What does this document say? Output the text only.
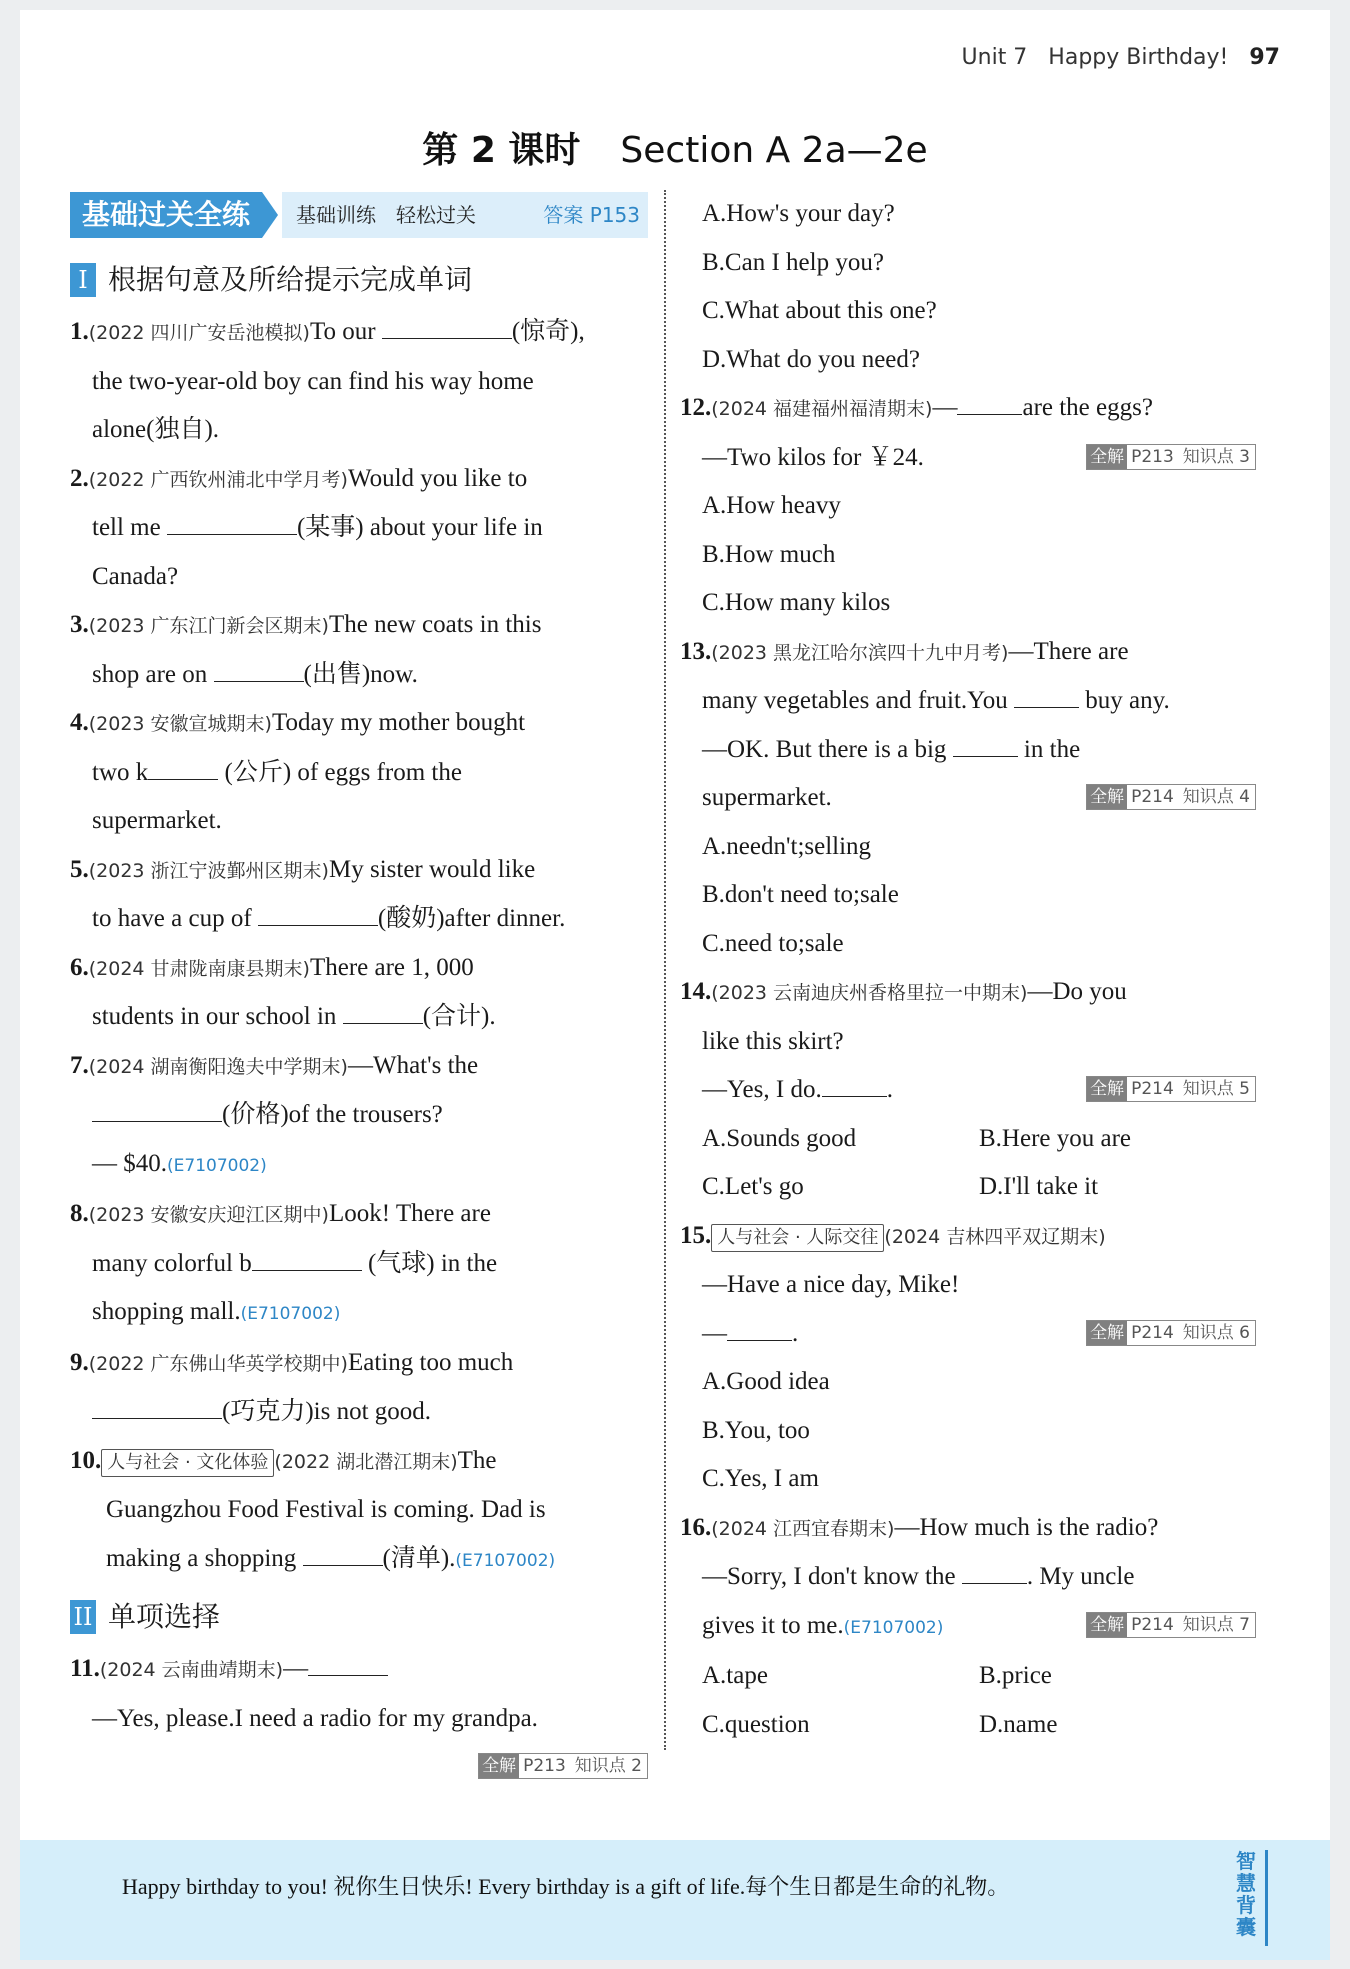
Unit 7 Happy Birthday! 97
第 2 课时 Section A 2a—2e
基础过关全练	基础训练　轻松过关	答案 P153
I 根据句意及所给提示完成单词
1.(2022 四川广安岳池模拟)To our	(惊奇),
the two-year-old boy can find his way home
alone(独自).
2.(2022 广西钦州浦北中学月考)Would you like to
tell me	(某事) about your life in
Canada?
3.(2023 广东江门新会区期末)The new coats in this
shop are on	(出售)now.
4.(2023 安徽宣城期末)Today my mother bought
two k	(公斤) of eggs from the
supermarket.
5.(2023 浙江宁波鄞州区期末)My sister would like
to have a cup of	(酸奶)after dinner.
6.(2024 甘肃陇南康县期末)There are 1, 000
students in our school in	(合计).
7.(2024 湖南衡阳逸夫中学期末)—What's the
(价格)of the trousers?
— $40.(E7107002)
8.(2023 安徽安庆迎江区期中)Look! There are
many colorful b	(气球) in the
shopping mall.(E7107002)
9.(2022 广东佛山华英学校期中)Eating too much
(巧克力)is not good.
10. 人与社会 · 文化体验 (2022 湖北潜江期末)The
Guangzhou Food Festival is coming. Dad is
making a shopping	(清单).(E7107002)
II 单项选择
11.(2024 云南曲靖期末)—
—Yes, please.I need a radio for my grandpa.
全解 P213 知识点 2
A.How's your day?
B.Can I help you?
C.What about this one?
D.What do you need?
12.(2024 福建福州福清期末)—	are the eggs?
—Two kilos for ￥24.	全解 P213 知识点 3
A.How heavy
B.How much
C.How many kilos
13.(2023 黑龙江哈尔滨四十九中月考)—There are
many vegetables and fruit.You	buy any.
—OK. But there is a big	in the
supermarket.	全解 P214 知识点 4
A.needn't;selling
B.don't need to;sale
C.need to;sale
14.(2023 云南迪庆州香格里拉一中期末)—Do you
like this skirt?
—Yes, I do.	.	全解 P214 知识点 5
A.Sounds good	B.Here you are
C.Let's go	D.I'll take it
15. 人与社会 · 人际交往 (2024 吉林四平双辽期末)
—Have a nice day, Mike!
—	.	全解 P214 知识点 6
A.Good idea
B.You, too
C.Yes, I am
16.(2024 江西宜春期末)—How much is the radio?
—Sorry, I don't know the	. My uncle
gives it to me.(E7107002)	全解 P214 知识点 7
A.tape	B.price
C.question	D.name
Happy birthday to you! 祝你生日快乐! Every birthday is a gift of life.每个生日都是生命的礼物。
智慧背囊
